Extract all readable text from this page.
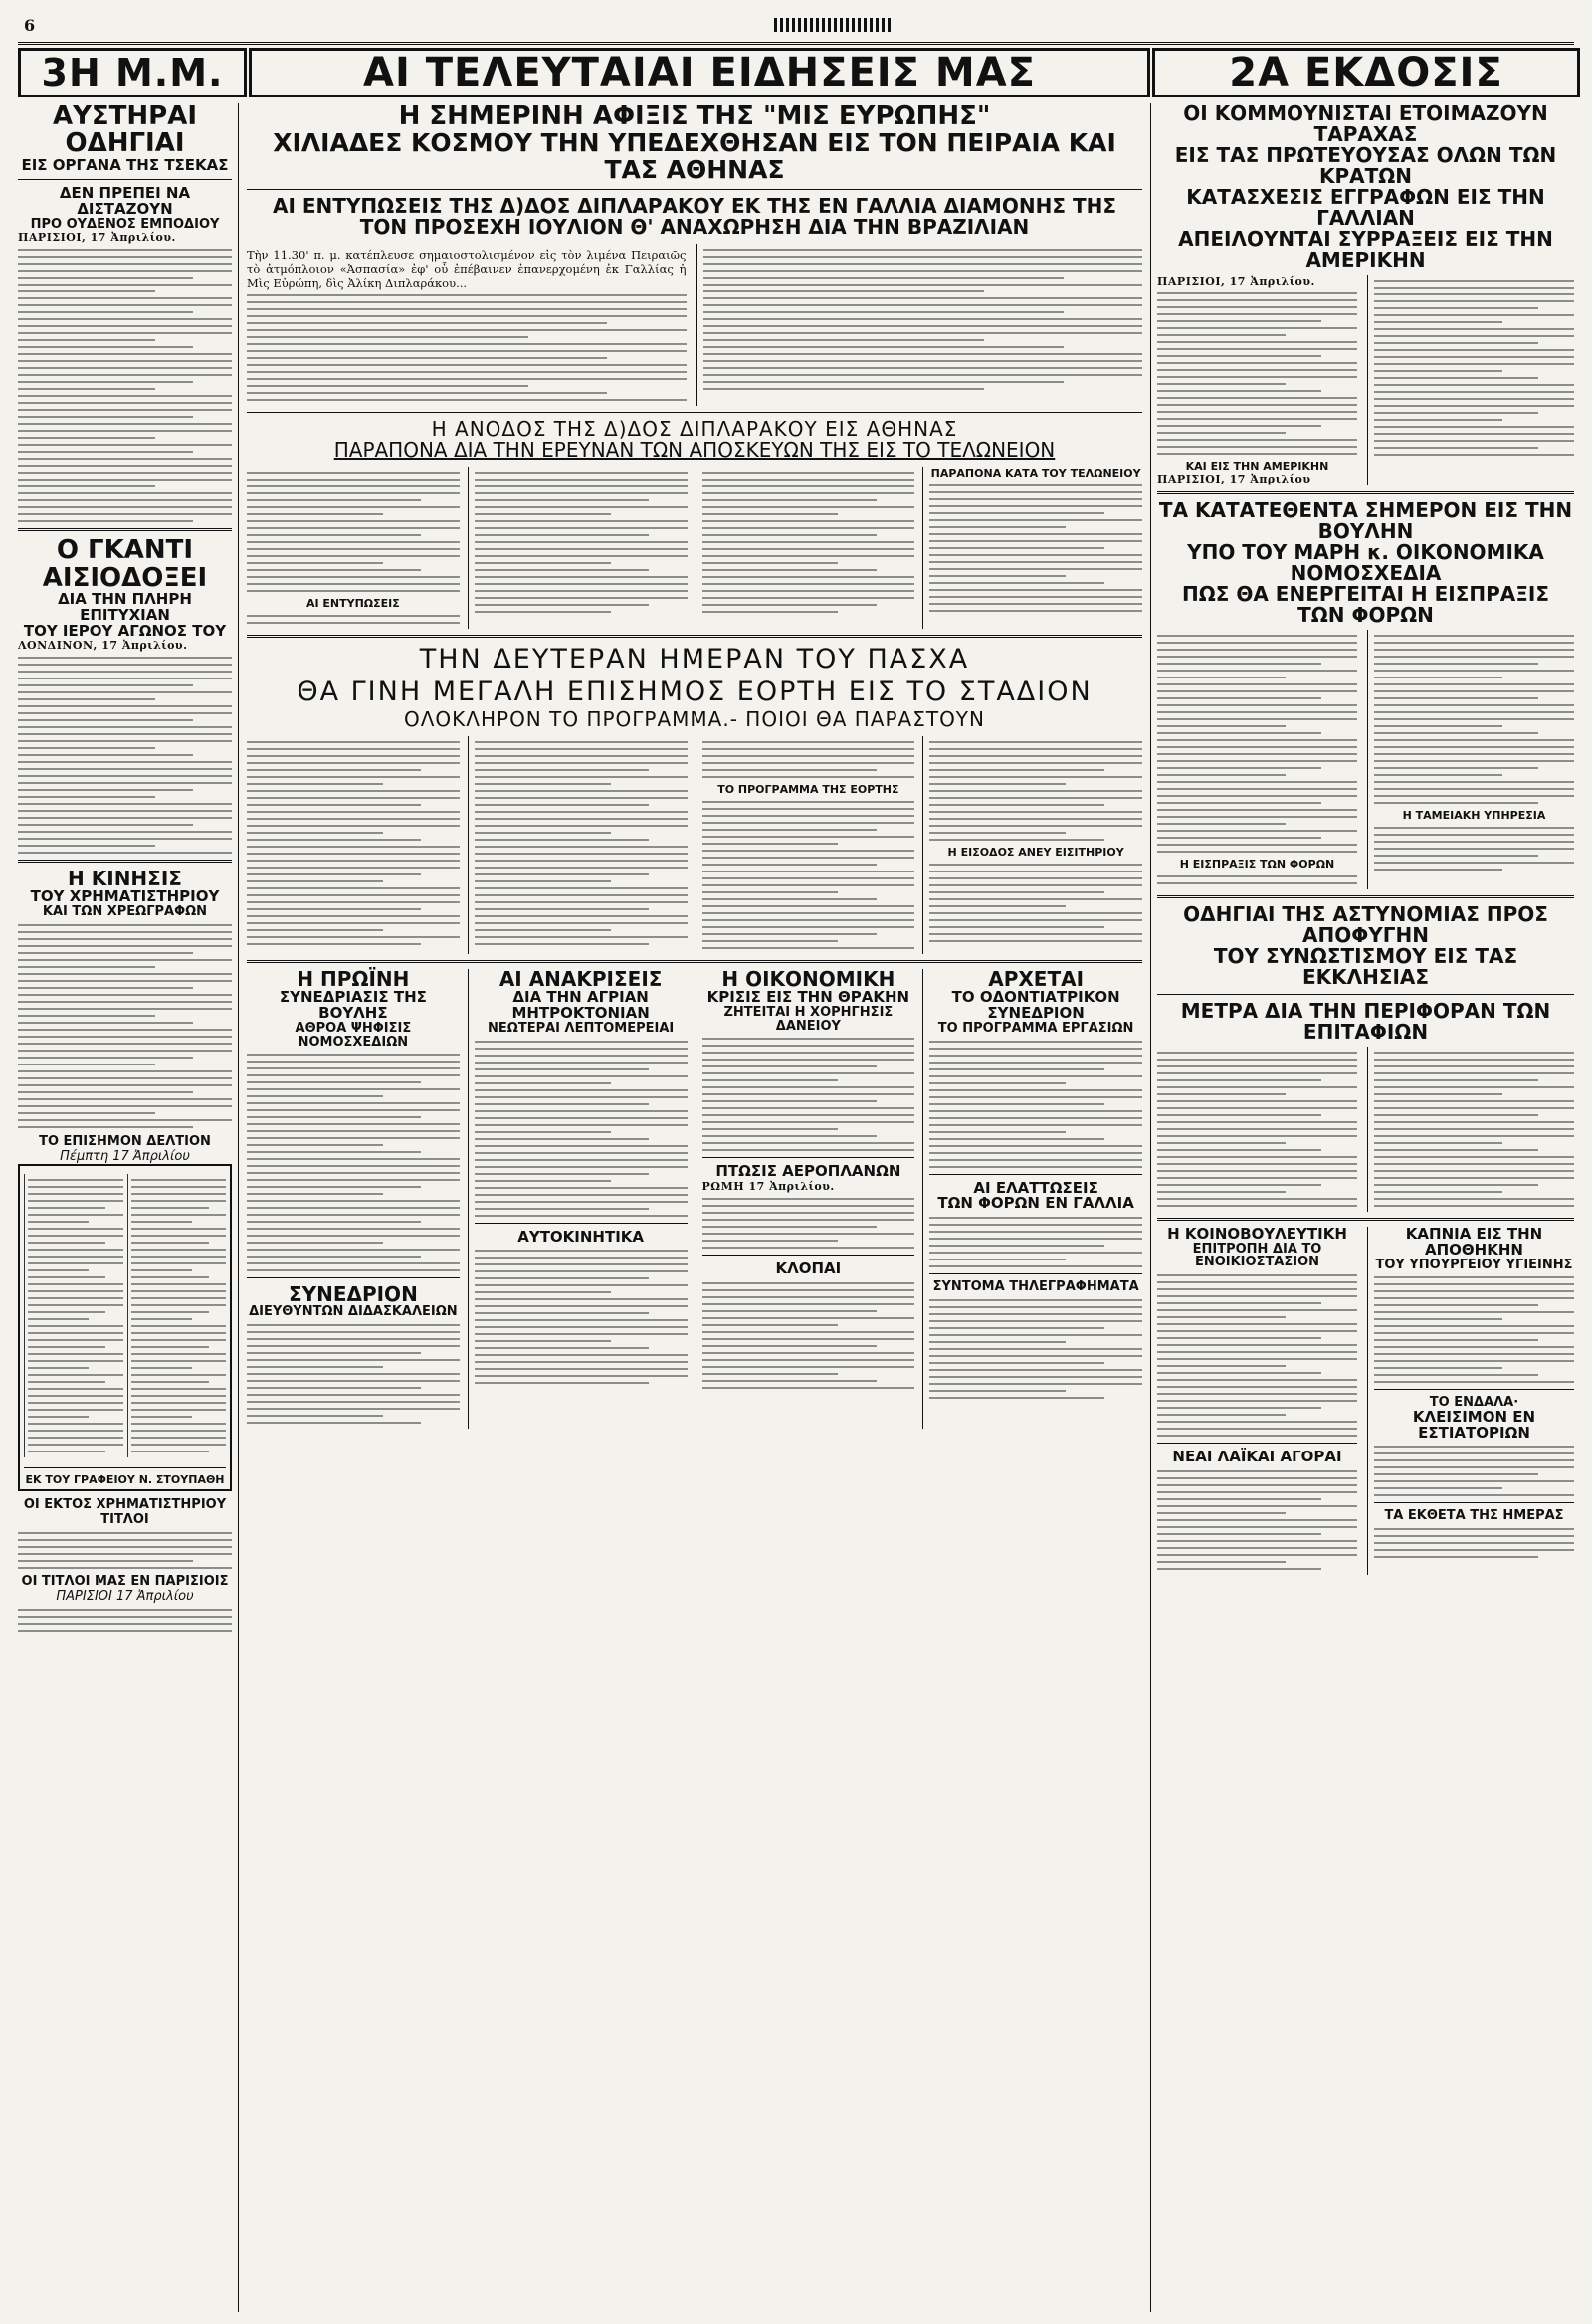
6
3Η Μ.Μ.	ΑΙ ΤΕΛΕΥΤΑΙΑΙ ΕΙΔΗΣΕΙΣ ΜΑΣ	2Α ΕΚΔΟΣΙΣ

ΑΥΣΤΗΡΑΙ ΟΔΗΓΙΑΙ

ΕΙΣ ΟΡΓΑΝΑ ΤΗΣ ΤΣΕΚΑΣ

ΔΕΝ ΠΡΕΠΕΙ ΝΑ ΔΙΣΤΑΖΟΥΝ

ΠΡΟ ΟΥΔΕΝΟΣ ΕΜΠΟΔΙΟΥ

ΠΑΡΙΣΙΟΙ, 17 Ἀπριλίου.

Ο ΓΚΑΝΤΙ ΑΙΣΙΟΔΟΞΕΙ

ΔΙΑ ΤΗΝ ΠΛΗΡΗ ΕΠΙΤΥΧΙΑΝ

ΤΟΥ ΙΕΡΟΥ ΑΓΩΝΟΣ ΤΟΥ

ΛΟΝΔΙΝΟΝ, 17 Ἀπριλίου.

Η ΚΙΝΗΣΙΣ

ΤΟΥ ΧΡΗΜΑΤΙΣΤΗΡΙΟΥ

ΚΑΙ ΤΩΝ ΧΡΕΩΓΡΑΦΩΝ

ΤΟ ΕΠΙΣΗΜΟΝ ΔΕΛΤΙΟΝ
Πέμπτη 17 Ἀπριλίου
ΕΚ ΤΟΥ ΓΡΑΦΕΙΟΥ Ν. ΣΤΟΥΠΑΘΗ
ΟΙ ΕΚΤΟΣ ΧΡΗΜΑΤΙΣΤΗΡΙΟΥ ΤΙΤΛΟΙ
ΟΙ ΤΙΤΛΟΙ ΜΑΣ ΕΝ ΠΑΡΙΣΙΟΙΣ
ΠΑΡΙΣΙΟΙ 17 Ἀπριλίου

Η ΣΗΜΕΡΙΝΗ ΑΦΙΞΙΣ ΤΗΣ "ΜΙΣ ΕΥΡΩΠΗΣ"

ΧΙΛΙΑΔΕΣ ΚΟΣΜΟΥ ΤΗΝ ΥΠΕΔΕΧΘΗΣΑΝ ΕΙΣ ΤΟΝ ΠΕΙΡΑΙΑ ΚΑΙ ΤΑΣ ΑΘΗΝΑΣ

ΑΙ ΕΝΤΥΠΩΣΕΙΣ ΤΗΣ Δ)ΔΟΣ ΔΙΠΛΑΡΑΚΟΥ ΕΚ ΤΗΣ ΕΝ ΓΑΛΛΙΑ ΔΙΑΜΟΝΗΣ ΤΗΣ

ΤΟΝ ΠΡΟΣΕΧΗ ΙΟΥΛΙΟΝ Θ' ΑΝΑΧΩΡΗΣΗ ΔΙΑ ΤΗΝ ΒΡΑΖΙΛΙΑΝ

Τὴν 11.30' π. μ. κατέπλευσε σημαιοστολισμένον εἰς τὸν λιμένα Πειραιῶς τὸ ἀτμόπλοιον «Ἀσπασία» ἐφ' οὗ ἐπέβαινεν ἐπανερχομένη ἐκ Γαλλίας ἡ Μὶς Εὐρώπη, δὶς Ἀλίκη Διπλαράκου...

Η ΑΝΟΔΟΣ ΤΗΣ Δ)ΔΟΣ ΔΙΠΛΑΡΑΚΟΥ ΕΙΣ ΑΘΗΝΑΣ

ΠΑΡΑΠΟΝΑ ΔΙΑ ΤΗΝ ΕΡΕΥΝΑΝ ΤΩΝ ΑΠΟΣΚΕΥΩΝ ΤΗΣ ΕΙΣ ΤΟ ΤΕΛΩΝΕΙΟΝ

ΑΙ ΕΝΤΥΠΩΣΕΙΣ
ΠΑΡΑΠΟΝΑ ΚΑΤΑ ΤΟΥ ΤΕΛΩΝΕΙΟΥ

ΤΗΝ ΔΕΥΤΕΡΑΝ ΗΜΕΡΑΝ ΤΟΥ ΠΑΣΧΑ

ΘΑ ΓΙΝΗ ΜΕΓΑΛΗ ΕΠΙΣΗΜΟΣ ΕΟΡΤΗ ΕΙΣ ΤΟ ΣΤΑΔΙΟΝ

ΟΛΟΚΛΗΡΟΝ ΤΟ ΠΡΟΓΡΑΜΜΑ.- ΠΟΙΟΙ ΘΑ ΠΑΡΑΣΤΟΥΝ

ΤΟ ΠΡΟΓΡΑΜΜΑ ΤΗΣ ΕΟΡΤΗΣ
Η ΕΙΣΟΔΟΣ ΑΝΕΥ ΕΙΣΙΤΗΡΙΟΥ

Η ΠΡΩΪΝΗ

ΣΥΝΕΔΡΙΑΣΙΣ ΤΗΣ ΒΟΥΛΗΣ

ΑΘΡΟΑ ΨΗΦΙΣΙΣ ΝΟΜΟΣΧΕΔΙΩΝ

ΣΥΝΕΔΡΙΟΝ

ΔΙΕΥΘΥΝΤΩΝ ΔΙΔΑΣΚΑΛΕΙΩΝ

ΑΙ ΑΝΑΚΡΙΣΕΙΣ

ΔΙΑ ΤΗΝ ΑΓΡΙΑΝ ΜΗΤΡΟΚΤΟΝΙΑΝ

ΝΕΩΤΕΡΑΙ ΛΕΠΤΟΜΕΡΕΙΑΙ

ΑΥΤΟΚΙΝΗΤΙΚΑ

Η ΟΙΚΟΝΟΜΙΚΗ

ΚΡΙΣΙΣ ΕΙΣ ΤΗΝ ΘΡΑΚΗΝ

ΖΗΤΕΙΤΑΙ Η ΧΟΡΗΓΗΣΙΣ ΔΑΝΕΙΟΥ

ΠΤΩΣΙΣ ΑΕΡΟΠΛΑΝΩΝ

ΡΩΜΗ 17 Ἀπριλίου.

ΚΛΟΠΑΙ

ΑΡΧΕΤΑΙ

ΤΟ ΟΔΟΝΤΙΑΤΡΙΚΟΝ ΣΥΝΕΔΡΙΟΝ

ΤΟ ΠΡΟΓΡΑΜΜΑ ΕΡΓΑΣΙΩΝ

ΑΙ ΕΛΑΤΤΩΣΕΙΣ

ΤΩΝ ΦΟΡΩΝ ΕΝ ΓΑΛΛΙΑ

ΣΥΝΤΟΜΑ ΤΗΛΕΓΡΑΦΗΜΑΤΑ

ΟΙ ΚΟΜΜΟΥΝΙΣΤΑΙ ΕΤΟΙΜΑΖΟΥΝ ΤΑΡΑΧΑΣ

ΕΙΣ ΤΑΣ ΠΡΩΤΕΥΟΥΣΑΣ ΟΛΩΝ ΤΩΝ ΚΡΑΤΩΝ

ΚΑΤΑΣΧΕΣΙΣ ΕΓΓΡΑΦΩΝ ΕΙΣ ΤΗΝ ΓΑΛΛΙΑΝ

ΑΠΕΙΛΟΥΝΤΑΙ ΣΥΡΡΑΞΕΙΣ ΕΙΣ ΤΗΝ ΑΜΕΡΙΚΗΝ

ΠΑΡΙΣΙΟΙ, 17 Ἀπριλίου.
ΚΑΙ ΕΙΣ ΤΗΝ ΑΜΕΡΙΚΗΝ
ΠΑΡΙΣΙΟΙ, 17 Ἀπριλίου

ΤΑ ΚΑΤΑΤΕΘΕΝΤΑ ΣΗΜΕΡΟΝ ΕΙΣ ΤΗΝ ΒΟΥΛΗΝ

ΥΠΟ ΤΟΥ ΜΑΡΗ κ. ΟΙΚΟΝΟΜΙΚΑ ΝΟΜΟΣΧΕΔΙΑ

ΠΩΣ ΘΑ ΕΝΕΡΓΕΙΤΑΙ Η ΕΙΣΠΡΑΞΙΣ ΤΩΝ ΦΟΡΩΝ

Η ΕΙΣΠΡΑΞΙΣ ΤΩΝ ΦΟΡΩΝ
Η ΤΑΜΕΙΑΚΗ ΥΠΗΡΕΣΙΑ

ΟΔΗΓΙΑΙ ΤΗΣ ΑΣΤΥΝΟΜΙΑΣ ΠΡΟΣ ΑΠΟΦΥΓΗΝ

ΤΟΥ ΣΥΝΩΣΤΙΣΜΟΥ ΕΙΣ ΤΑΣ ΕΚΚΛΗΣΙΑΣ

ΜΕΤΡΑ ΔΙΑ ΤΗΝ ΠΕΡΙΦΟΡΑΝ ΤΩΝ ΕΠΙΤΑΦΙΩΝ

Η ΚΟΙΝΟΒΟΥΛΕΥΤΙΚΗ

ΕΠΙΤΡΟΠΗ ΔΙΑ ΤΟ ΕΝΟΙΚΙΟΣΤΑΣΙΟΝ

ΝΕΑΙ ΛΑΪΚΑΙ ΑΓΟΡΑΙ

ΚΑΠΝΙΑ ΕΙΣ ΤΗΝ ΑΠΟΘΗΚΗΝ

ΤΟΥ ΥΠΟΥΡΓΕΙΟΥ ΥΓΙΕΙΝΗΣ

ΤΟ ΕΝΔΑΛΑ·

ΚΛΕΙΣΙΜΟΝ ΕΝ ΕΣΤΙΑΤΟΡΙΩΝ

ΤΑ ΕΚΘΕΤΑ ΤΗΣ ΗΜΕΡΑΣ
